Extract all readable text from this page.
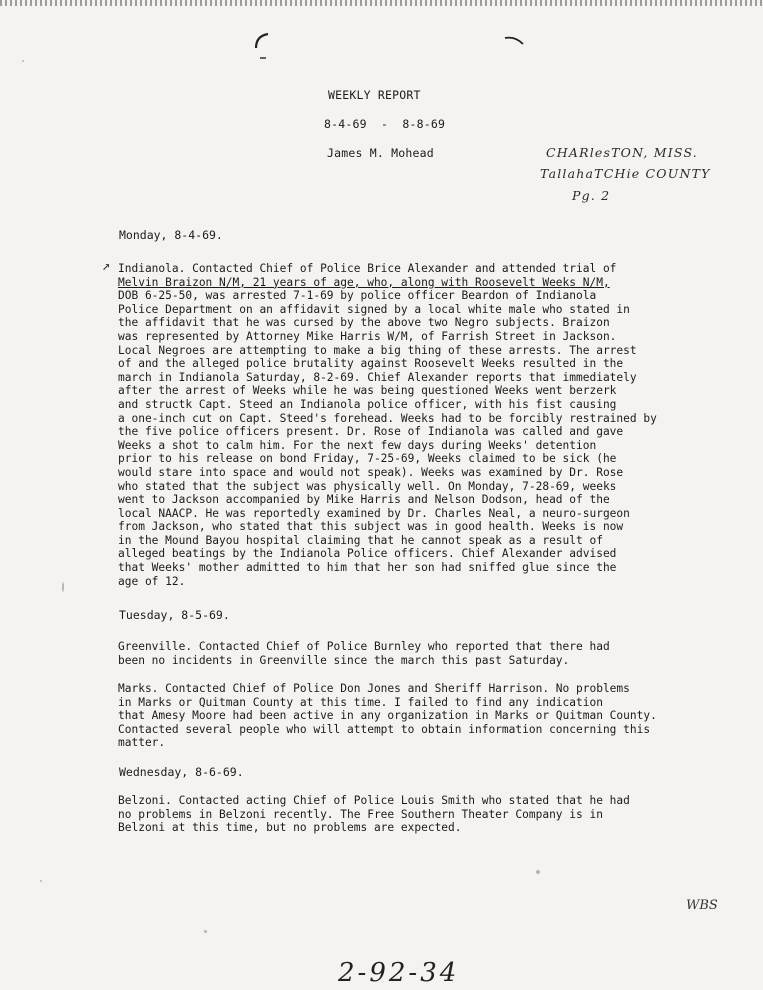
WEEKLY REPORT
8-4-69  -  8-8-69
James M. Mohead	CHARlesTON, MISS.
TallahaTCHie COUNTY
Pg. 2
Monday, 8-4-69.
↗ Indianola. Contacted Chief of Police Brice Alexander and attended trial of
Melvin Braizon N/M, 21 years of age, who, along with Roosevelt Weeks N/M,
DOB 6-25-50, was arrested 7-1-69 by police officer Beardon of Indianola
Police Department on an affidavit signed by a local white male who stated in
the affidavit that he was cursed by the above two Negro subjects. Braizon
was represented by Attorney Mike Harris W/M, of Farrish Street in Jackson.
Local Negroes are attempting to make a big thing of these arrests. The arrest
of and the alleged police brutality against Roosevelt Weeks resulted in the
march in Indianola Saturday, 8-2-69. Chief Alexander reports that immediately
after the arrest of Weeks while he was being questioned Weeks went berzerk
and structk Capt. Steed an Indianola police officer, with his fist causing
a one-inch cut on Capt. Steed's forehead. Weeks had to be forcibly restrained by
the five police officers present. Dr. Rose of Indianola was called and gave
Weeks a shot to calm him. For the next few days during Weeks' detention
prior to his release on bond Friday, 7-25-69, Weeks claimed to be sick (he
would stare into space and would not speak). Weeks was examined by Dr. Rose
who stated that the subject was physically well. On Monday, 7-28-69, weeks
went to Jackson accompanied by Mike Harris and Nelson Dodson, head of the
local NAACP. He was reportedly examined by Dr. Charles Neal, a neuro-surgeon
from Jackson, who stated that this subject was in good health. Weeks is now
in the Mound Bayou hospital claiming that he cannot speak as a result of
alleged beatings by the Indianola Police officers. Chief Alexander advised
that Weeks' mother admitted to him that her son had sniffed glue since the
age of 12.
Tuesday, 8-5-69.
Greenville. Contacted Chief of Police Burnley who reported that there had
been no incidents in Greenville since the march this past Saturday.
Marks. Contacted Chief of Police Don Jones and Sheriff Harrison. No problems
in Marks or Quitman County at this time. I failed to find any indication
that Amesy Moore had been active in any organization in Marks or Quitman County.
Contacted several people who will attempt to obtain information concerning this
matter.
Wednesday, 8-6-69.
Belzoni. Contacted acting Chief of Police Louis Smith who stated that he had
no problems in Belzoni recently. The Free Southern Theater Company is in
Belzoni at this time, but no problems are expected.
WBS
2-92-34
